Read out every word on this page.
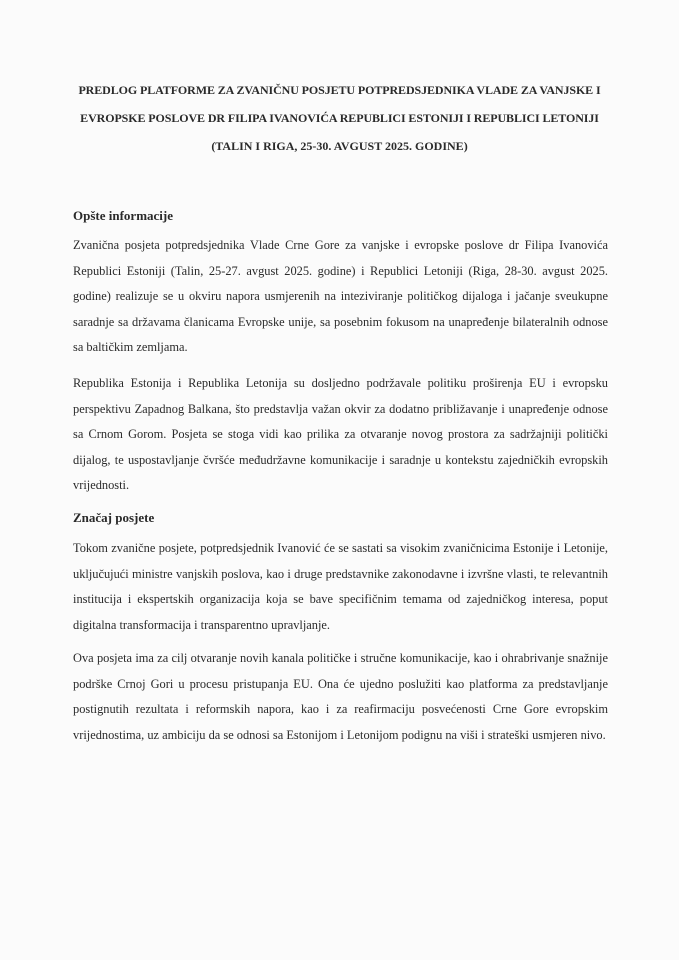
PREDLOG PLATFORME ZA ZVANIČNU POSJETU POTPREDSJEDNIKA VLADE ZA VANJSKE I
EVROPSKE POSLOVE DR FILIPA IVANOVIĆA REPUBLICI ESTONIJI I REPUBLICI LETONIJI
(TALIN I RIGA, 25-30. AVGUST 2025. GODINE)
Opšte informacije
Zvanična posjeta potpredsjednika Vlade Crne Gore za vanjske i evropske poslove dr Filipa Ivanovića Republici Estoniji (Talin, 25-27. avgust 2025. godine) i Republici Letoniji (Riga, 28-30. avgust 2025. godine) realizuje se u okviru napora usmjerenih na inteziviranje političkog dijaloga i jačanje sveukupne saradnje sa državama članicama Evropske unije, sa posebnim fokusom na unapređenje bilateralnih odnose sa baltičkim zemljama.
Republika Estonija i Republika Letonija su dosljedno podržavale politiku proširenja EU i evropsku perspektivu Zapadnog Balkana, što predstavlja važan okvir za dodatno približavanje i unapređenje odnose sa Crnom Gorom. Posjeta se stoga vidi kao prilika za otvaranje novog prostora za sadržajniji politički dijalog, te uspostavljanje čvršće međudržavne komunikacije i saradnje u kontekstu zajedničkih evropskih vrijednosti.
Značaj posjete
Tokom zvanične posjete, potpredsjednik Ivanović će se sastati sa visokim zvaničnicima Estonije i Letonije, uključujući ministre vanjskih poslova, kao i druge predstavnike zakonodavne i izvršne vlasti, te relevantnih institucija i ekspertskih organizacija koja se bave specifičnim temama od zajedničkog interesa, poput digitalna transformacija i transparentno upravljanje.
Ova posjeta ima za cilj otvaranje novih kanala političke i stručne komunikacije, kao i ohrabrivanje snažnije podrške Crnoj Gori u procesu pristupanja EU. Ona će ujedno poslužiti kao platforma za predstavljanje postignutih rezultata i reformskih napora, kao i za reafirmaciju posvećenosti Crne Gore evropskim vrijednostima, uz ambiciju da se odnosi sa Estonijom i Letonijom podignu na viši i strateški usmjeren nivo.
